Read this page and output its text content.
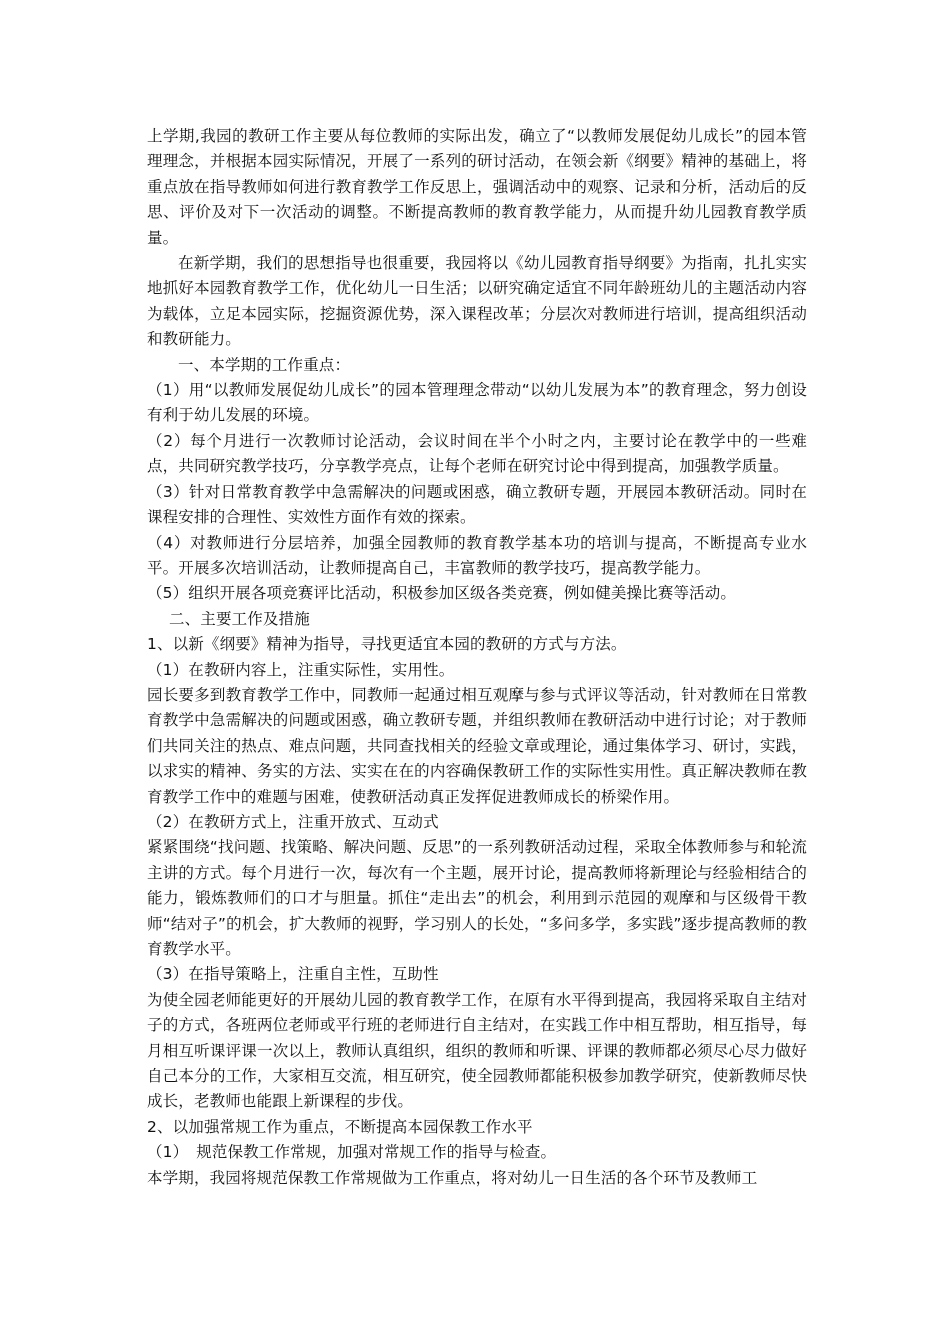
上学期,我园的教研工作主要从每位教师的实际出发，确立了“以教师发展促幼儿成长”的园本管理理念，并根据本园实际情况，开展了一系列的研讨活动，在领会新《纲要》精神的基础上，将重点放在指导教师如何进行教育教学工作反思上，强调活动中的观察、记录和分析，活动后的反思、评价及对下一次活动的调整。不断提高教师的教育教学能力，从而提升幼儿园教育教学质量。

在新学期，我们的思想指导也很重要，我园将以《幼儿园教育指导纲要》为指南，扎扎实实地抓好本园教育教学工作，优化幼儿一日生活；以研究确定适宜不同年龄班幼儿的主题活动内容为载体，立足本园实际，挖掘资源优势，深入课程改革；分层次对教师进行培训，提高组织活动和教研能力。

一、本学期的工作重点：

（1）用“以教师发展促幼儿成长”的园本管理理念带动“以幼儿发展为本”的教育理念，努力创设有利于幼儿发展的环境。

（2）每个月进行一次教师讨论活动，会议时间在半个小时之内，主要讨论在教学中的一些难点，共同研究教学技巧，分享教学亮点，让每个老师在研究讨论中得到提高，加强教学质量。

（3）针对日常教育教学中急需解决的问题或困惑，确立教研专题，开展园本教研活动。同时在课程安排的合理性、实效性方面作有效的探索。

（4）对教师进行分层培养，加强全园教师的教育教学基本功的培训与提高，不断提高专业水平。开展多次培训活动，让教师提高自己，丰富教师的教学技巧，提高教学能力。

（5）组织开展各项竞赛评比活动，积极参加区级各类竞赛，例如健美操比赛等活动。

二、主要工作及措施

1、以新《纲要》精神为指导，寻找更适宜本园的教研的方式与方法。

（1）在教研内容上，注重实际性，实用性。

园长要多到教育教学工作中，同教师一起通过相互观摩与参与式评议等活动，针对教师在日常教育教学中急需解决的问题或困惑，确立教研专题，并组织教师在教研活动中进行讨论；对于教师们共同关注的热点、难点问题，共同查找相关的经验文章或理论，通过集体学习、研讨，实践，以求实的精神、务实的方法、实实在在的内容确保教研工作的实际性实用性。真正解决教师在教育教学工作中的难题与困难，使教研活动真正发挥促进教师成长的桥梁作用。

（2）在教研方式上，注重开放式、互动式

紧紧围绕“找问题、找策略、解决问题、反思”的一系列教研活动过程，采取全体教师参与和轮流主讲的方式。每个月进行一次，每次有一个主题，展开讨论，提高教师将新理论与经验相结合的能力，锻炼教师们的口才与胆量。抓住“走出去”的机会，利用到示范园的观摩和与区级骨干教师“结对子”的机会，扩大教师的视野，学习别人的长处，“多问多学，多实践”逐步提高教师的教育教学水平。

（3）在指导策略上，注重自主性，互助性

为使全园老师能更好的开展幼儿园的教育教学工作，在原有水平得到提高，我园将采取自主结对子的方式，各班两位老师或平行班的老师进行自主结对，在实践工作中相互帮助，相互指导，每月相互听课评课一次以上，教师认真组织，组织的教师和听课、评课的教师都必须尽心尽力做好自己本分的工作，大家相互交流，相互研究，使全园教师都能积极参加教学研究，使新教师尽快成长，老教师也能跟上新课程的步伐。

2、以加强常规工作为重点，不断提高本园保教工作水平

（1）　规范保教工作常规，加强对常规工作的指导与检查。

本学期，我园将规范保教工作常规做为工作重点，将对幼儿一日生活的各个环节及教师工
